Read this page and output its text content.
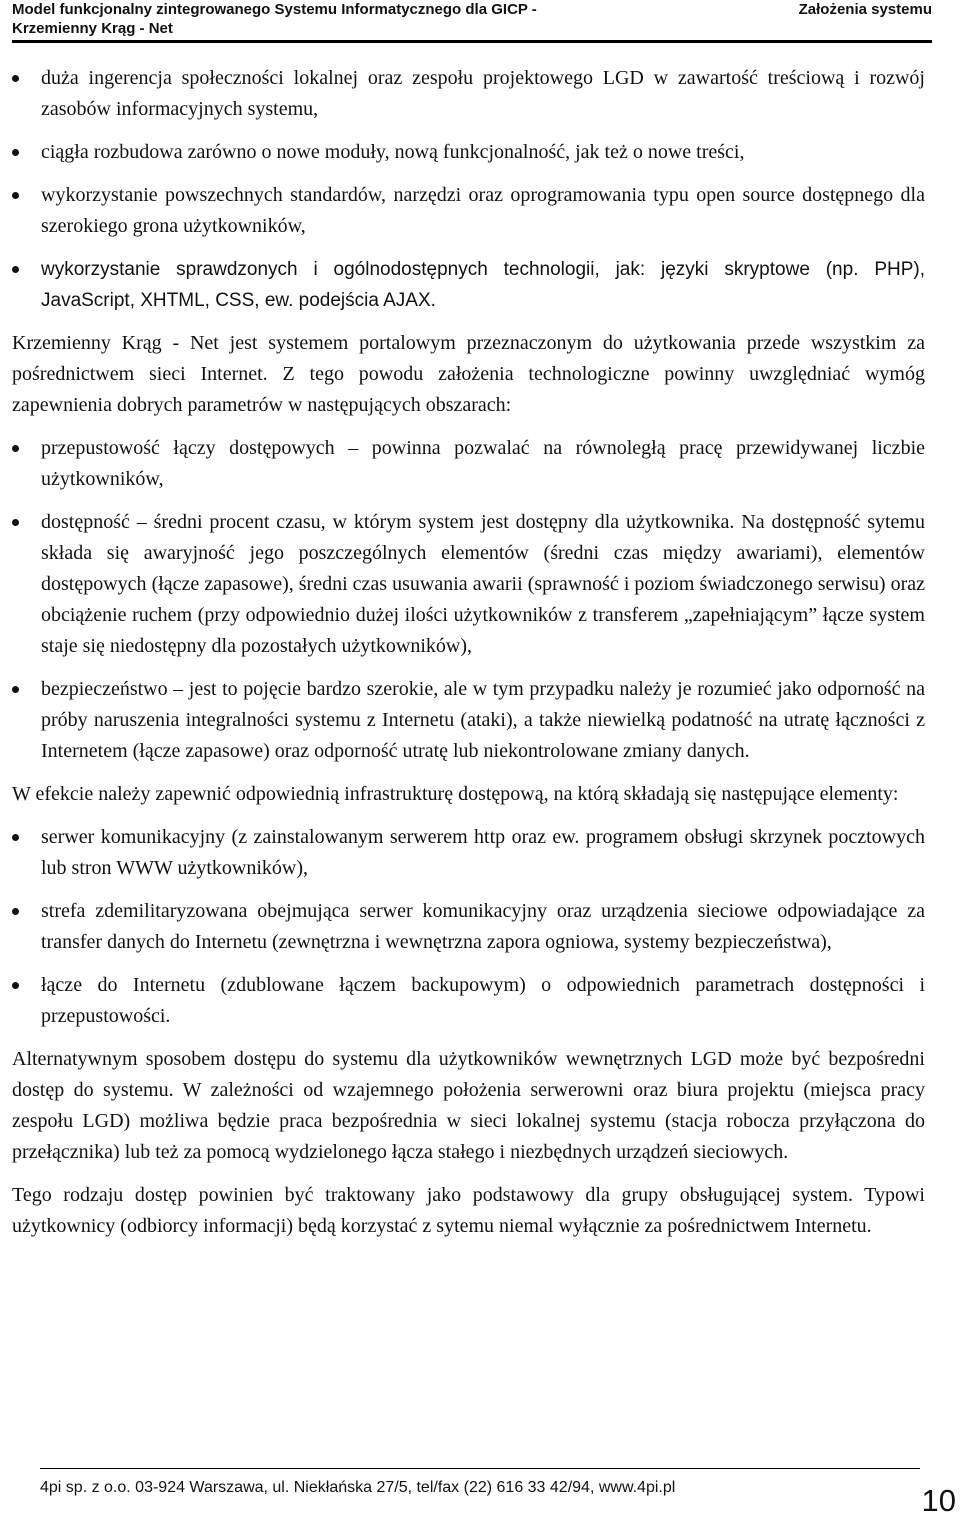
Model funkcjonalny zintegrowanego Systemu Informatycznego dla GICP - Krzemienny Krąg - Net
Założenia systemu
duża ingerencja społeczności lokalnej oraz zespołu projektowego LGD w zawartość treściową i rozwój zasobów informacyjnych systemu,
ciągła rozbudowa zarówno o nowe moduły, nową funkcjonalność, jak też o nowe treści,
wykorzystanie powszechnych standardów, narzędzi oraz oprogramowania typu open source dostępnego dla szerokiego grona użytkowników,
wykorzystanie sprawdzonych i ogólnodostępnych technologii, jak: języki skryptowe (np. PHP), JavaScript, XHTML, CSS, ew. podejścia AJAX.

Krzemienny Krąg - Net jest systemem portalowym przeznaczonym do użytkowania przede wszystkim za pośrednictwem sieci Internet. Z tego powodu założenia technologiczne powinny uwzględniać wymóg zapewnienia dobrych parametrów w następujących obszarach:

przepustowość łączy dostępowych – powinna pozwalać na równoległą pracę przewidywanej liczbie użytkowników,
dostępność – średni procent czasu, w którym system jest dostępny dla użytkownika. Na dostępność sytemu składa się awaryjność jego poszczególnych elementów (średni czas między awariami), elementów dostępowych (łącze zapasowe), średni czas usuwania awarii (sprawność i poziom świadczonego serwisu) oraz obciążenie ruchem (przy odpowiednio dużej ilości użytkowników z transferem „zapełniającym” łącze system staje się niedostępny dla pozostałych użytkowników),
bezpieczeństwo – jest to pojęcie bardzo szerokie, ale w tym przypadku należy je rozumieć jako odporność na próby naruszenia integralności systemu z Internetu (ataki), a także niewielką podatność na utratę łączności z Internetem (łącze zapasowe) oraz odporność utratę lub niekontrolowane zmiany danych.

W efekcie należy zapewnić odpowiednią infrastrukturę dostępową, na którą składają się następujące elementy:

serwer komunikacyjny (z zainstalowanym serwerem http oraz ew. programem obsługi skrzynek pocztowych lub stron WWW użytkowników),
strefa zdemilitaryzowana obejmująca serwer komunikacyjny oraz urządzenia sieciowe odpowiadające za transfer danych do Internetu (zewnętrzna i wewnętrzna zapora ogniowa, systemy bezpieczeństwa),
łącze do Internetu (zdublowane łączem backupowym) o odpowiednich parametrach dostępności i przepustowości.

Alternatywnym sposobem dostępu do systemu dla użytkowników wewnętrznych LGD może być bezpośredni dostęp do systemu. W zależności od wzajemnego położenia serwerowni oraz biura projektu (miejsca pracy zespołu LGD) możliwa będzie praca bezpośrednia w sieci lokalnej systemu (stacja robocza przyłączona do przełącznika) lub też za pomocą wydzielonego łącza stałego i niezbędnych urządzeń sieciowych.

Tego rodzaju dostęp powinien być traktowany jako podstawowy dla grupy obsługującej system. Typowi użytkownicy (odbiorcy informacji) będą korzystać z sytemu niemal wyłącznie za pośrednictwem Internetu.

4pi sp. z o.o. 03-924 Warszawa, ul. Niekłańska 27/5, tel/fax (22) 616 33 42/94, www.4pi.pl	10
